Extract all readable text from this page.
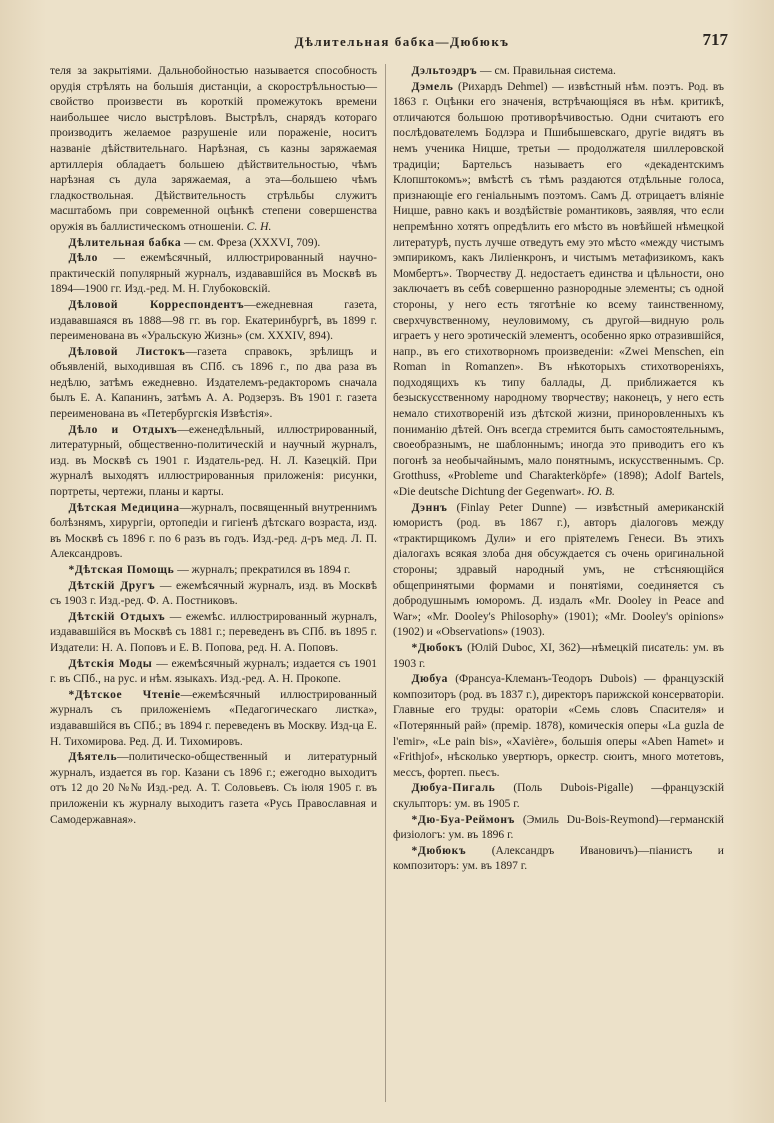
Дѣлительная бабка—Дюбюкъ	717

теля за закрытіями. Дальнобойностью называется способность орудія стрѣлять на большія дистанціи, а скорострѣльностью—свойство произвести въ короткій промежутокъ времени наибольшее число выстрѣловъ. Выстрѣлъ, снарядъ котораго производитъ желаемое разрушеніе или пораженіе, носитъ названіе дѣйствительнаго. Нарѣзная, съ казны заряжаемая артиллерія обладаетъ большею дѣйствительностью, чѣмъ нарѣзная съ дула заряжаемая, а эта—большею чѣмъ гладкоствольная. Дѣйствительность стрѣльбы служитъ масштабомъ при современной оцѣнкѣ степени совершенства оружія въ баллистическомъ отношеніи. С. Н.

Дѣлительная бабка — см. Фреза (XXXVI, 709).

Дѣло — ежемѣсячный, иллюстрированный научно-практическій популярный журналъ, издававшійся въ Москвѣ въ 1894—1900 гг. Изд.-ред. М. Н. Глубоковскій.

Дѣловой Корреспондентъ—ежедневная газета, издававшаяся въ 1888—98 гг. въ гор. Екатеринбургѣ, въ 1899 г. переименована въ «Уральскую Жизнь» (см. XXXIV, 894).

Дѣловой Листокъ—газета справокъ, зрѣлищъ и объявленій, выходившая въ СПб. съ 1896 г., по два раза въ недѣлю, затѣмъ ежедневно. Издателемъ-редакторомъ сначала былъ Е. А. Капанинъ, затѣмъ А. А. Родзерзъ. Въ 1901 г. газета переименована въ «Петербургскія Извѣстія».

Дѣло и Отдыхъ—еженедѣльный, иллюстрированный, литературный, общественно-политическій и научный журналъ, изд. въ Москвѣ съ 1901 г. Издатель-ред. Н. Л. Казецкій. При журналѣ выходятъ иллюстрированныя приложенія: рисунки, портреты, чертежи, планы и карты.

Дѣтская Медицина—журналъ, посвященный внутреннимъ болѣзнямъ, хирургіи, ортопедіи и гигіенѣ дѣтскаго возраста, изд. въ Москвѣ съ 1896 г. по 6 разъ въ годъ. Изд.-ред. д-ръ мед. Л. П. Александровъ.

*Дѣтская Помощь — журналъ; прекратился въ 1894 г.

Дѣтскій Другъ — ежемѣсячный журналъ, изд. въ Москвѣ съ 1903 г. Изд.-ред. Ф. А. Постниковъ.

Дѣтскій Отдыхъ — ежемѣс. иллюстрированный журналъ, издававшійся въ Москвѣ съ 1881 г.; переведенъ въ СПб. въ 1895 г. Издатели: Н. А. Поповъ и Е. В. Попова, ред. Н. А. Поповъ.

Дѣтскія Моды — ежемѣсячный журналъ; издается съ 1901 г. въ СПб., на рус. и нѣм. языкахъ. Изд.-ред. А. Н. Прокопе.

*Дѣтское Чтеніе—ежемѣсячный иллюстрированный журналъ съ приложеніемъ «Педагогическаго листка», издававшійся въ СПб.; въ 1894 г. переведенъ въ Москву. Изд-ца Е. Н. Тихомирова. Ред. Д. И. Тихомировъ.

Дѣятель—политическо-общественный и литературный журналъ, издается въ гор. Казани съ 1896 г.; ежегодно выходитъ отъ 12 до 20 №№ Изд.-ред. А. Т. Соловьевъ. Съ іюля 1905 г. въ приложеніи къ журналу выходитъ газета «Русь Православная и Самодержавная».

Дэльтоэдръ — см. Правильная система.

Дэмель (Рихардъ Dehmel) — извѣстный нѣм. поэтъ. Род. въ 1863 г. Оцѣнки его значенія, встрѣчающіяся въ нѣм. критикѣ, отличаются большою противорѣчивостью. Одни считаютъ его послѣдователемъ Бодлэра и Пшибышевскаго, другіе видятъ въ немъ ученика Ницше, третьи — продолжателя шиллеровской традиціи; Бартельсъ называетъ его «декадентскимъ Клопштокомъ»; вмѣстѣ съ тѣмъ раздаются отдѣльные голоса, признающіе его геніальнымъ поэтомъ. Самъ Д. отрицаетъ вліяніе Ницше, равно какъ и воздѣйствіе романтиковъ, заявляя, что если непремѣнно хотятъ опредѣлить его мѣсто въ новѣйшей нѣмецкой литературѣ, пусть лучше отведутъ ему это мѣсто «между чистымъ эмпирикомъ, какъ Лиліенкронъ, и чистымъ метафизикомъ, какъ Момбертъ». Творчеству Д. недостаетъ единства и цѣльности, оно заключаетъ въ себѣ совершенно разнородные элементы; съ одной стороны, у него есть тяготѣніе ко всему таинственному, сверхчувственному, неуловимому, съ другой—видную роль играетъ у него эротическій элементъ, особенно ярко отразившійся, напр., въ его стихотворномъ произведеніи: «Zwei Menschen, ein Roman in Romanzen». Въ нѣкоторыхъ стихотвореніяхъ, подходящихъ къ типу баллады, Д. приближается къ безыскусственному народному творчеству; наконецъ, у него есть немало стихотвореній изъ дѣтской жизни, приноровленныхъ къ пониманію дѣтей. Онъ всегда стремится быть самостоятельнымъ, своеобразнымъ, не шаблоннымъ; иногда это приводитъ его къ погонѣ за необычайнымъ, мало понятнымъ, искусственнымъ. Ср. Grotthuss, «Probleme und Charakterköpfe» (1898); Adolf Bartels, «Die deutsche Dichtung der Gegenwart». Ю. В.

Дэннъ (Finlay Peter Dunne) — извѣстный американскій юмористъ (род. въ 1867 г.), авторъ діалоговъ между «трактирщикомъ Дули» и его пріятелемъ Генеси. Въ этихъ діалогахъ всякая злоба дня обсуждается съ очень оригинальной стороны; здравый народный умъ, не стѣсняющійся общепринятыми формами и понятіями, соединяется съ добродушнымъ юморомъ. Д. издалъ «Mr. Dooley in Peace and War»; «Mr. Dooley's Philosophy» (1901); «Mr. Dooley's opinions» (1902) и «Observations» (1903).

*Дюбокъ (Юлій Duboc, XI, 362)—нѣмецкій писатель: ум. въ 1903 г.

Дюбуа (Франсуа-Клеманъ-Теодоръ Dubois) — французскій композиторъ (род. въ 1837 г.), директоръ парижской консерваторіи. Главные его труды: ораторіи «Семь словъ Спасителя» и «Потерянный рай» (премір. 1878), комическія оперы «La guzla de l'emir», «Le pain bis», «Xavière», большія оперы «Aben Hamet» и «Frithjof», нѣсколько увертюръ, оркестр. сюитъ, много мотетовъ, мессъ, фортеп. пьесъ.

Дюбуа-Пигаль (Поль Dubois-Pigalle) —французскій скульпторъ: ум. въ 1905 г.

*Дю-Буа-Реймонъ (Эмиль Du-Bois-Reymond)—германскій физіологъ: ум. въ 1896 г.

*Дюбюкъ (Александръ Ивановичъ)—піанистъ и композиторъ: ум. въ 1897 г.
